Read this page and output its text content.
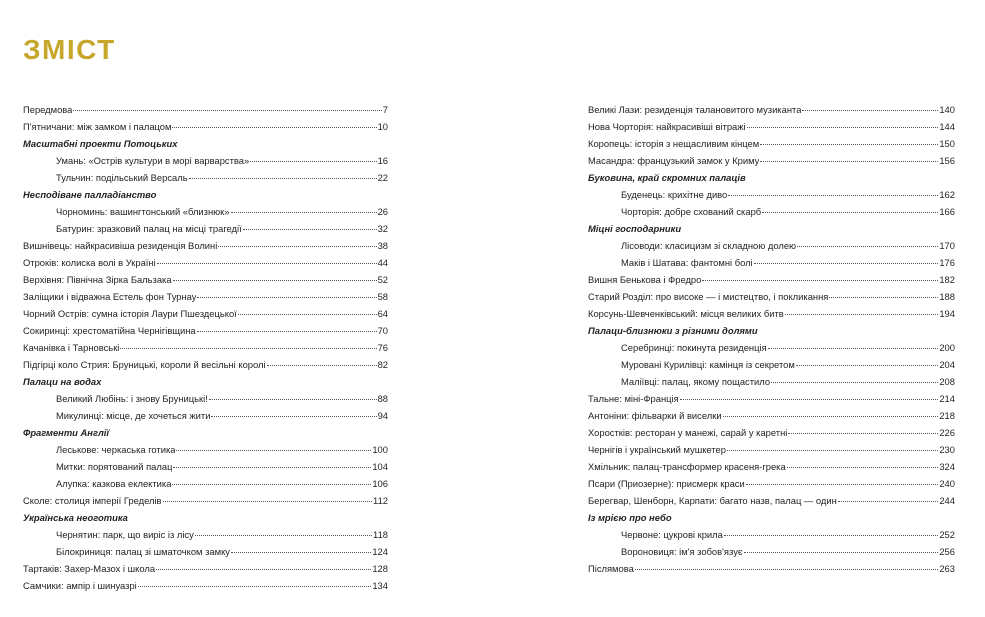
ЗМІСТ
Передмова	7
П'ятничани: між замком і палацом	10
Масштабні проекти Потоцьких
Умань: «Острів культури в морі варварства»	16
Тульчин: подільський Версаль	22
Несподіване палладіанство
Чорноминь: вашингтонський «близнюк»	26
Батурин: зразковий палац на місці трагедії	32
Вишнівець: найкрасивіша резиденція Волині	38
Отроків: колиска волі в Україні	44
Верхівня: Північна Зірка Бальзака	52
Заліщики і відважна Естель фон Турнау	58
Чорний Острів: сумна історія Лаури Пшездецької	64
Сокиринці: хрестоматійна Чернігівщина	70
Качанівка і Тарновські	76
Підгірці коло Стрия: Бруницькі, короли й весільні королі	82
Палаци на водах
Великий Любінь: і знову Бруницькі!	88
Микулинці: місце, де хочеться жити	94
Фрагменти Англії
Леськове: черкаська готика	100
Митки: порятований палац	104
Алупка: казкова еклектика	106
Сколе: столиця імперії Гределів	112
Українська неоготика
Чернятин: парк, що виріс із лісу	118
Білокриниця: палац зі шматочком замку	124
Тартаків: Захер-Мазох і школа	128
Самчики: ампір і шинуазрі	134
Великі Лази: резиденція талановитого музиканта	140
Нова Чорторія: найкрасивіші вітражі	144
Коропець: історія з нещасливим кінцем	150
Масандра: французький замок у Криму	156
Буковина, край скромних палаців
Буденець: крихітне диво	162
Чорторія: добре схований скарб	166
Міцні господарники
Лісоводи: класицизм зі складною долею	170
Маків і Шатава: фантомні болі	176
Вишня Бенькова і Фредро	182
Старий Розділ: про високе — і мистецтво, і покликання	188
Корсунь-Шевченківський: місця великих битв	194
Палаци-близнюки з різними долями
Серебринці: покинута резиденція	200
Муровані Курилівці: камінця із секретом	204
Маліївці: палац, якому пощастило	208
Тальне: міні-Франція	214
Антоніни: фільварки й виселки	218
Хоростків: ресторан у манежі, сарай у каретні	226
Чернігів і український мушкетер	230
Хмільник: палац-трансформер красеня-грека	324
Псари (Приозерне): присмерк краси	240
Берегвар, Шенборн, Карпати: багато назв, палац — один	244
Із мрією про небо
Червоне: цукрові крила	252
Вороновиця: ім'я зобов'язує	256
Післямова	263
